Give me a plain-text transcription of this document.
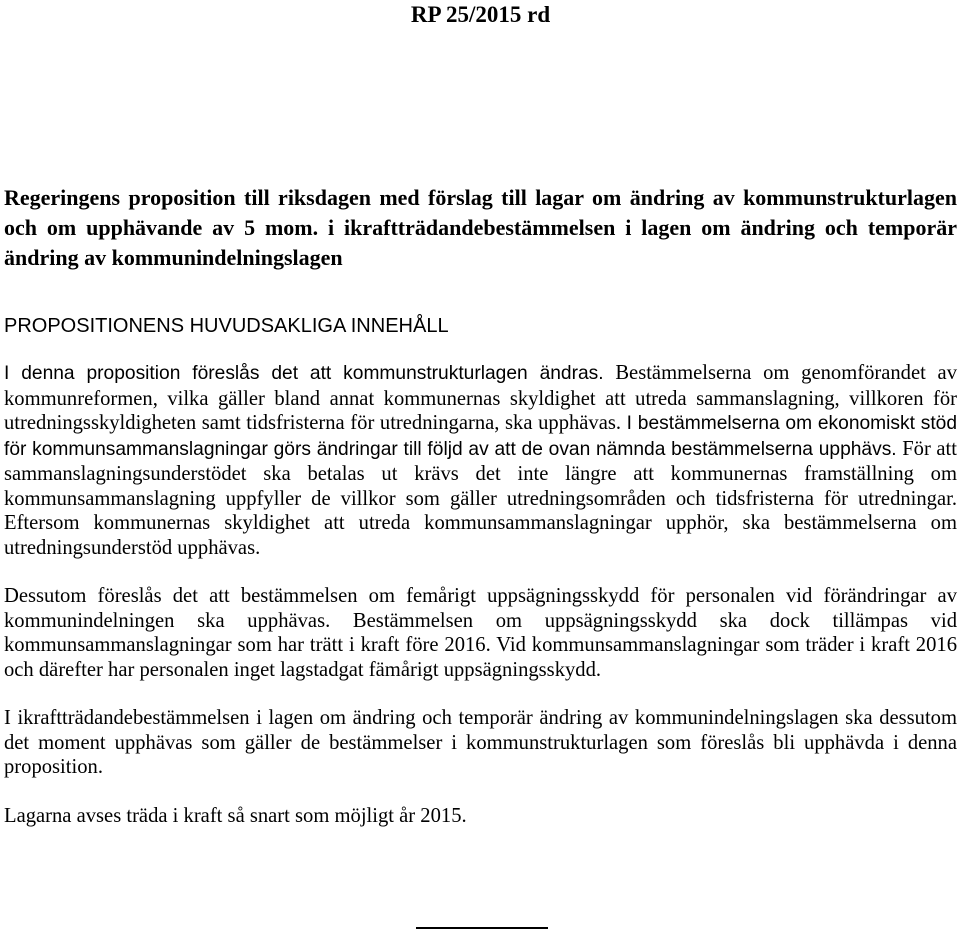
RP 25/2015 rd
Regeringens proposition till riksdagen med förslag till lagar om ändring av kommunstrukturlagen och om upphävande av 5 mom. i ikraftträdandebestämmelsen i lagen om ändring och temporär ändring av kommunindelningslagen
PROPOSITIONENS HUVUDSAKLIGA INNEHÅLL

I denna proposition föreslås det att kommunstrukturlagen ändras. Bestämmelserna om genomförandet av kommunreformen, vilka gäller bland annat kommunernas skyldighet att utreda sammanslagning, villkoren för utredningsskyldigheten samt tidsfristerna för utredningarna, ska upphävas. I bestämmelserna om ekonomiskt stöd för kommunsammanslagningar görs ändringar till följd av att de ovan nämnda bestämmelserna upphävs. För att sammanslagningsunderstödet ska betalas ut krävs det inte längre att kommunernas framställning om kommunsammanslagning uppfyller de villkor som gäller utredningsområden och tidsfristerna för utredningar. Eftersom kommunernas skyldighet att utreda kommunsammanslagningar upphör, ska bestämmelserna om utredningsunderstöd upphävas.

Dessutom föreslås det att bestämmelsen om femårigt uppsägningsskydd för personalen vid förändringar av kommunindelningen ska upphävas. Bestämmelsen om uppsägningsskydd ska dock tillämpas vid kommunsammanslagningar som har trätt i kraft före 2016. Vid kommunsammanslagningar som träder i kraft 2016 och därefter har personalen inget lagstadgat fämårigt uppsägningsskydd.

I ikraftträdandebestämmelsen i lagen om ändring och temporär ändring av kommunindelningslagen ska dessutom det moment upphävas som gäller de bestämmelser i kommunstrukturlagen som föreslås bli upphävda i denna proposition.

Lagarna avses träda i kraft så snart som möjligt år 2015.
